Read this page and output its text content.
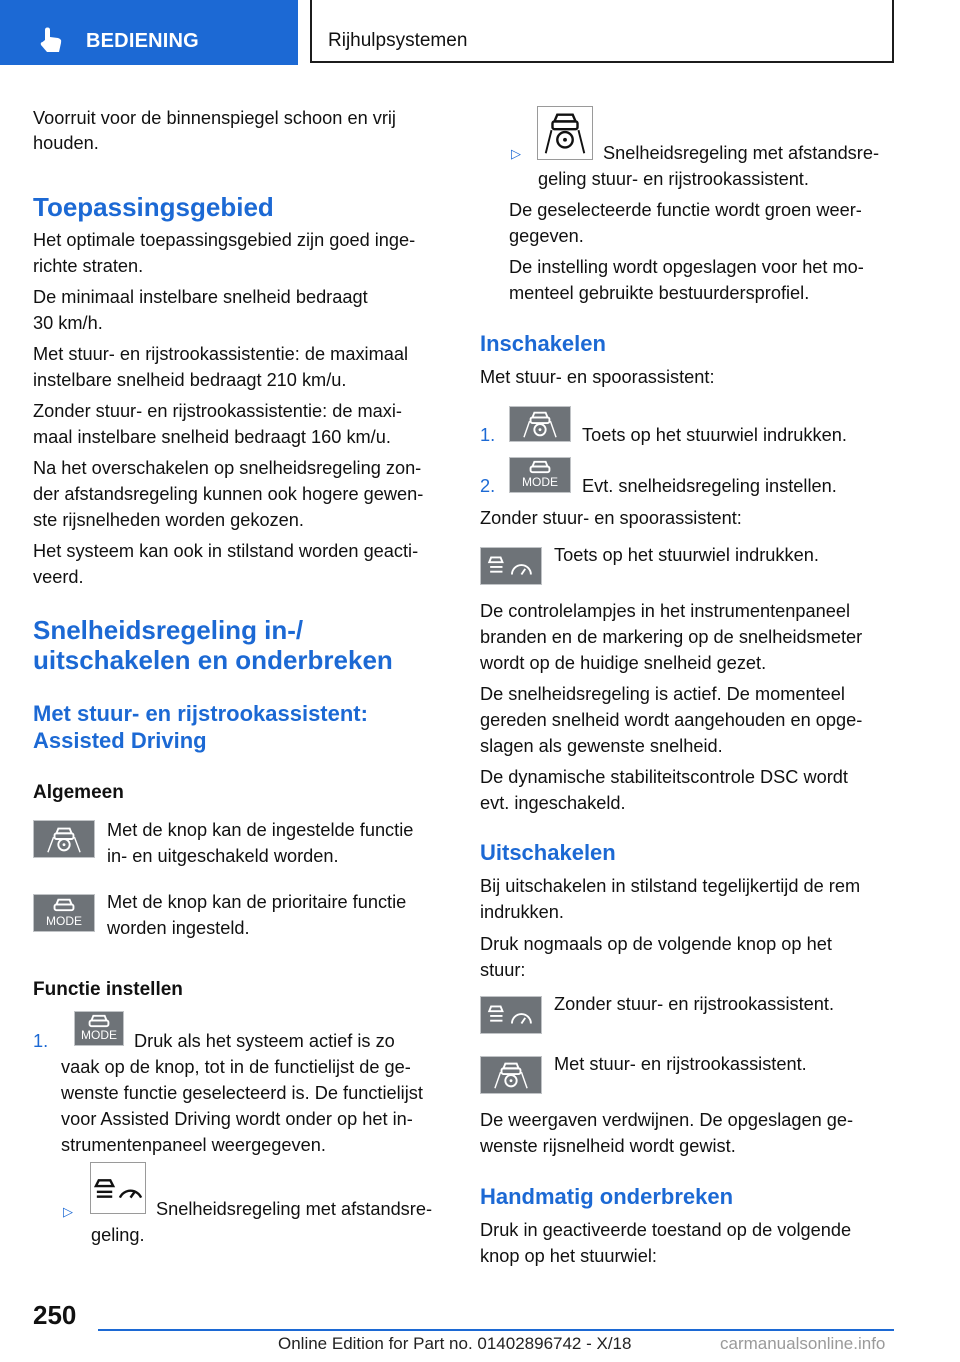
BEDIENING	Rijhulpsystemen
Voorruit voor de binnenspiegel schoon en vrij
houden.
Toepassingsgebied
Het optimale toepassingsgebied zijn goed inge-
richte straten.
De minimaal instelbare snelheid bedraagt
30 km/h.
Met stuur- en rijstrookassistentie: de maximaal
instelbare snelheid bedraagt 210 km/u.
Zonder stuur- en rijstrookassistentie: de maxi-
maal instelbare snelheid bedraagt 160 km/u.
Na het overschakelen op snelheidsregeling zon-
der afstandsregeling kunnen ook hogere gewen-
ste rijsnelheden worden gekozen.
Het systeem kan ook in stilstand worden geacti-
veerd.
Snelheidsregeling in-/
uitschakelen en onderbreken
Met stuur- en rijstrookassistent:
Assisted Driving
Algemeen
Met de knop kan de ingestelde functie
in- en uitgeschakeld worden.
MODE
Met de knop kan de prioritaire functie
worden ingesteld.
Functie instellen
1.	MODE Druk als het systeem actief is zo
vaak op de knop, tot in de functielijst de ge-
wenste functie geselecteerd is. De functielijst
voor Assisted Driving wordt onder op het in-
strumentenpaneel weergegeven.
▷	Snelheidsregeling met afstandsre-
geling.
▷	Snelheidsregeling met afstandsre-
geling stuur- en rijstrookassistent.
De geselecteerde functie wordt groen weer-
gegeven.
De instelling wordt opgeslagen voor het mo-
menteel gebruikte bestuurdersprofiel.
Inschakelen
Met stuur- en spoorassistent:
1.	Toets op het stuurwiel indrukken.
2.	MODE	Evt. snelheidsregeling instellen.
Zonder stuur- en spoorassistent:
Toets op het stuurwiel indrukken.
De controlelampjes in het instrumentenpaneel
branden en de markering op de snelheidsmeter
wordt op de huidige snelheid gezet.
De snelheidsregeling is actief. De momenteel
gereden snelheid wordt aangehouden en opge-
slagen als gewenste snelheid.
De dynamische stabiliteitscontrole DSC wordt
evt. ingeschakeld.
Uitschakelen
Bij uitschakelen in stilstand tegelijkertijd de rem
indrukken.
Druk nogmaals op de volgende knop op het
stuur:
Zonder stuur- en rijstrookassistent.
Met stuur- en rijstrookassistent.
De weergaven verdwijnen. De opgeslagen ge-
wenste rijsnelheid wordt gewist.
Handmatig onderbreken
Druk in geactiveerde toestand op de volgende
knop op het stuurwiel:
250
Online Edition for Part no. 01402896742 - X/18	carmanualsonline.info
